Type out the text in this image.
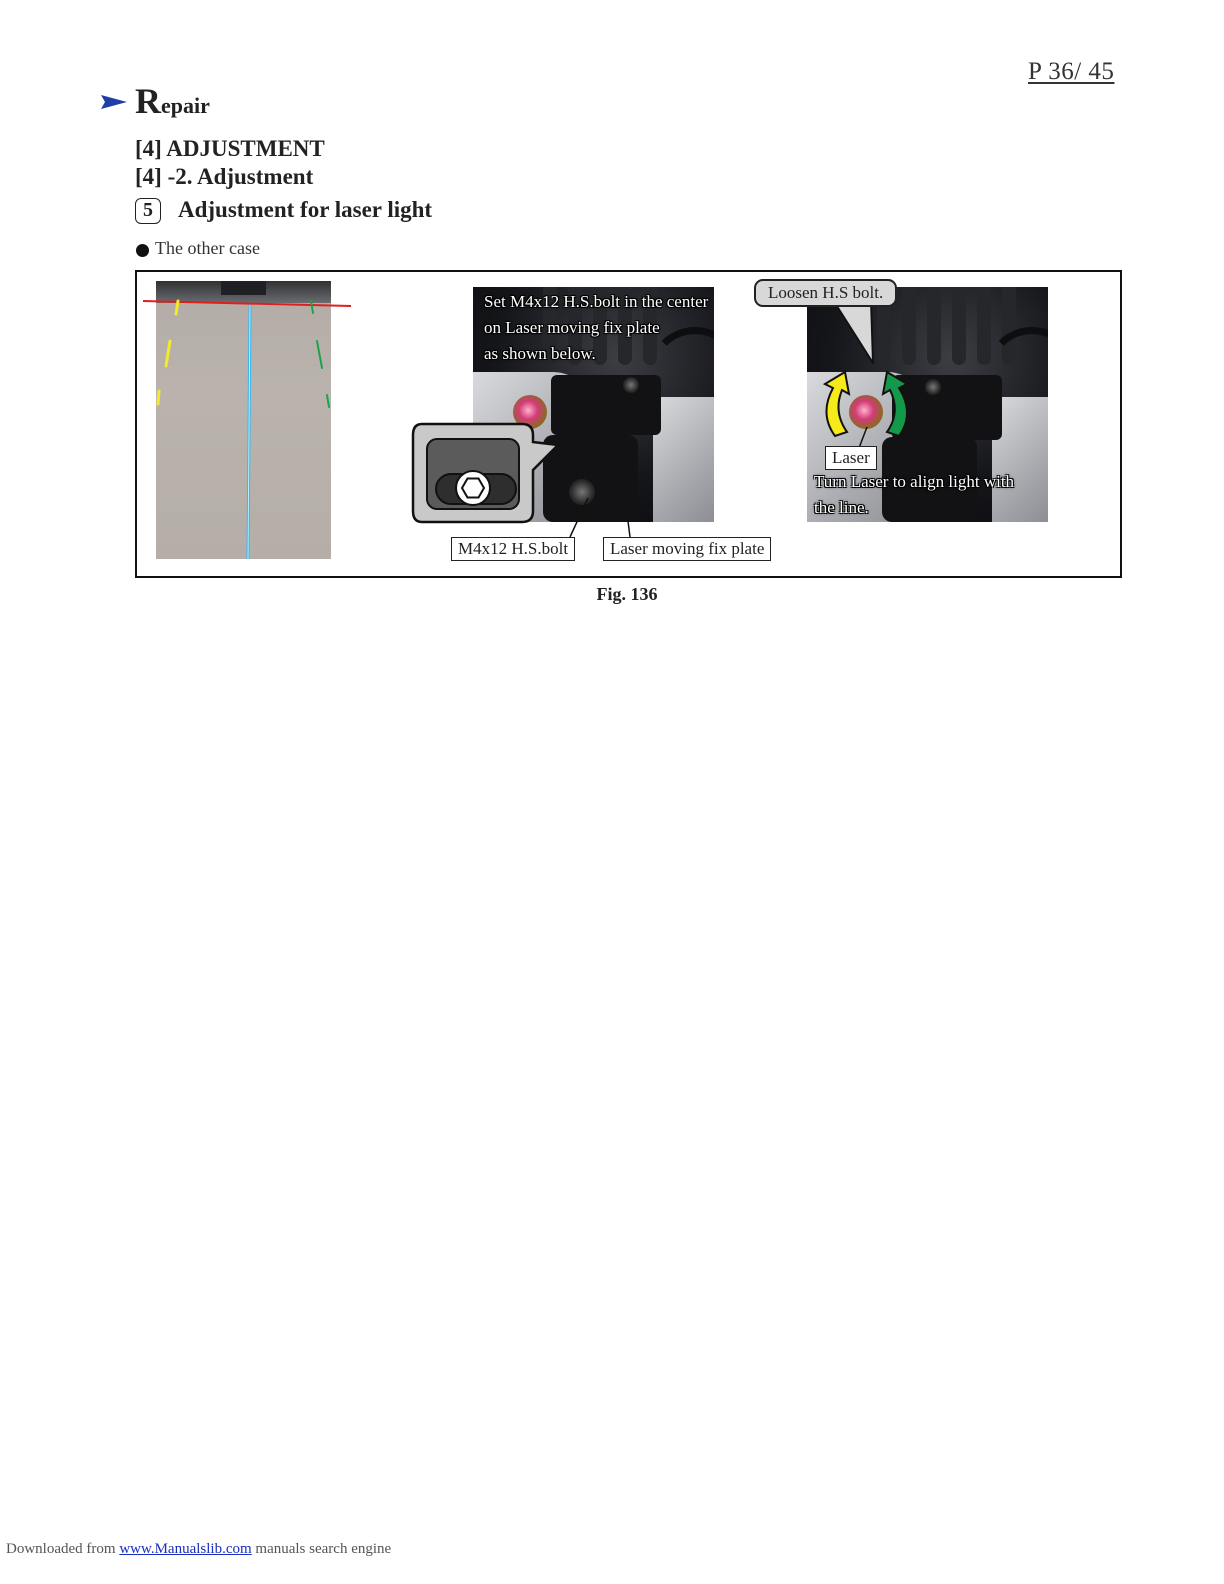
P 36/ 45
Repair
[4] ADJUSTMENT
[4] -2. Adjustment
5	Adjustment for laser light
The other case
Set M4x12 H.S.bolt in the center
on Laser moving fix plate
as shown below.
M4x12 H.S.bolt	Laser moving fix plate
Loosen H.S bolt.
Laser
Turn Laser to align light with
the line.
Fig. 136
Downloaded from www.Manualslib.com manuals search engine
